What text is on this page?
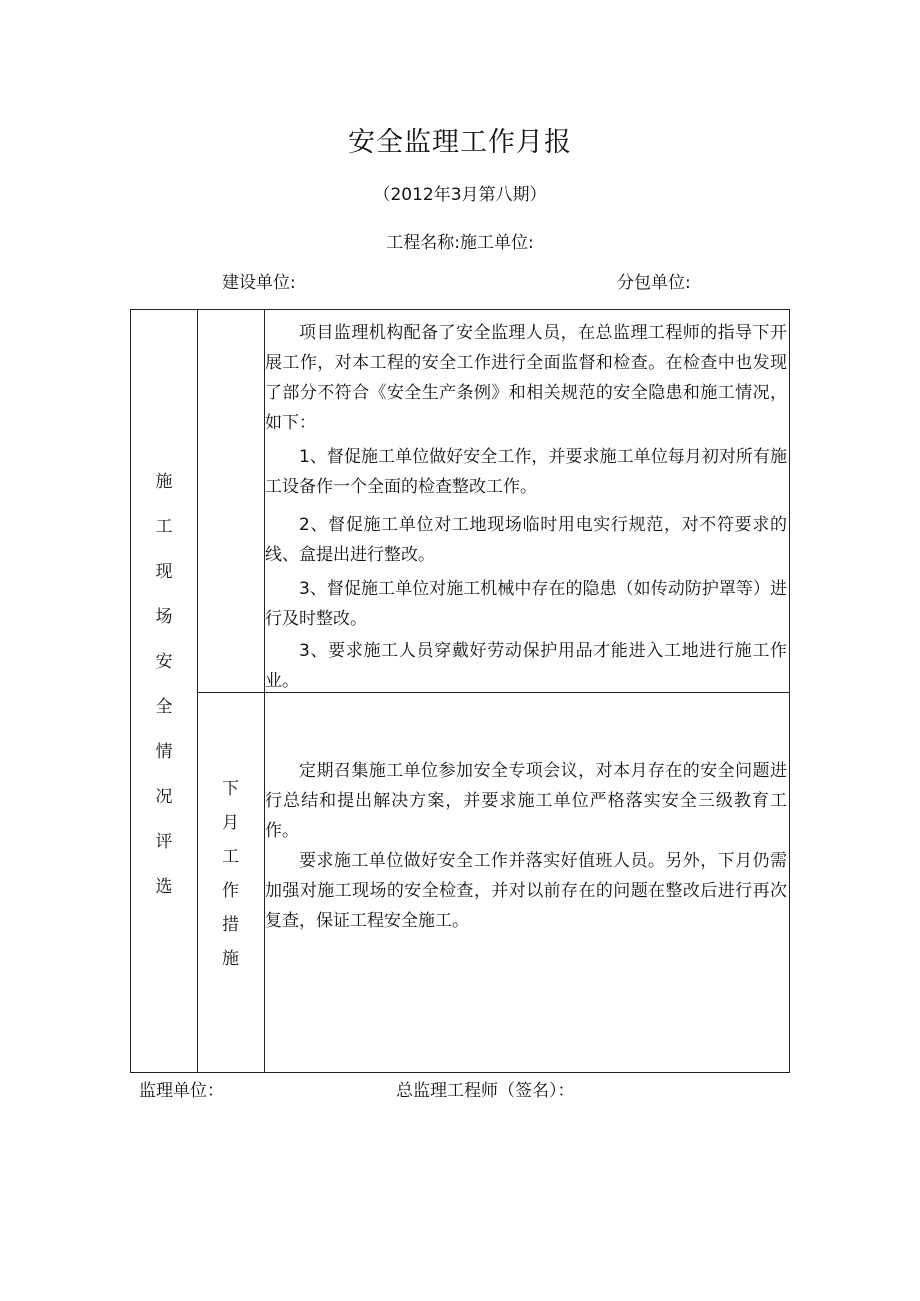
安全监理工作月报
（2012年3月第八期）
工程名称:施工单位:
建设单位:	分包单位:
施
工
现
场
安
全
情
况
评
选
下
月
工
作
措
施

项目监理机构配备了安全监理人员，在总监理工程师的指导下开展工作，对本工程的安全工作进行全面监督和检查。在检查中也发现了部分不符合《安全生产条例》和相关规范的安全隐患和施工情况，如下：

1、督促施工单位做好安全工作，并要求施工单位每月初对所有施工设备作一个全面的检查整改工作。

2、督促施工单位对工地现场临时用电实行规范，对不符要求的线、盒提出进行整改。

3、督促施工单位对施工机械中存在的隐患（如传动防护罩等）进行及时整改。

3、要求施工人员穿戴好劳动保护用品才能进入工地进行施工作业。

定期召集施工单位参加安全专项会议，对本月存在的安全问题进行总结和提出解决方案，并要求施工单位严格落实安全三级教育工作。

要求施工单位做好安全工作并落实好值班人员。另外，下月仍需加强对施工现场的安全检查，并对以前存在的问题在整改后进行再次复查，保证工程安全施工。

监理单位：	总监理工程师（签名）：
